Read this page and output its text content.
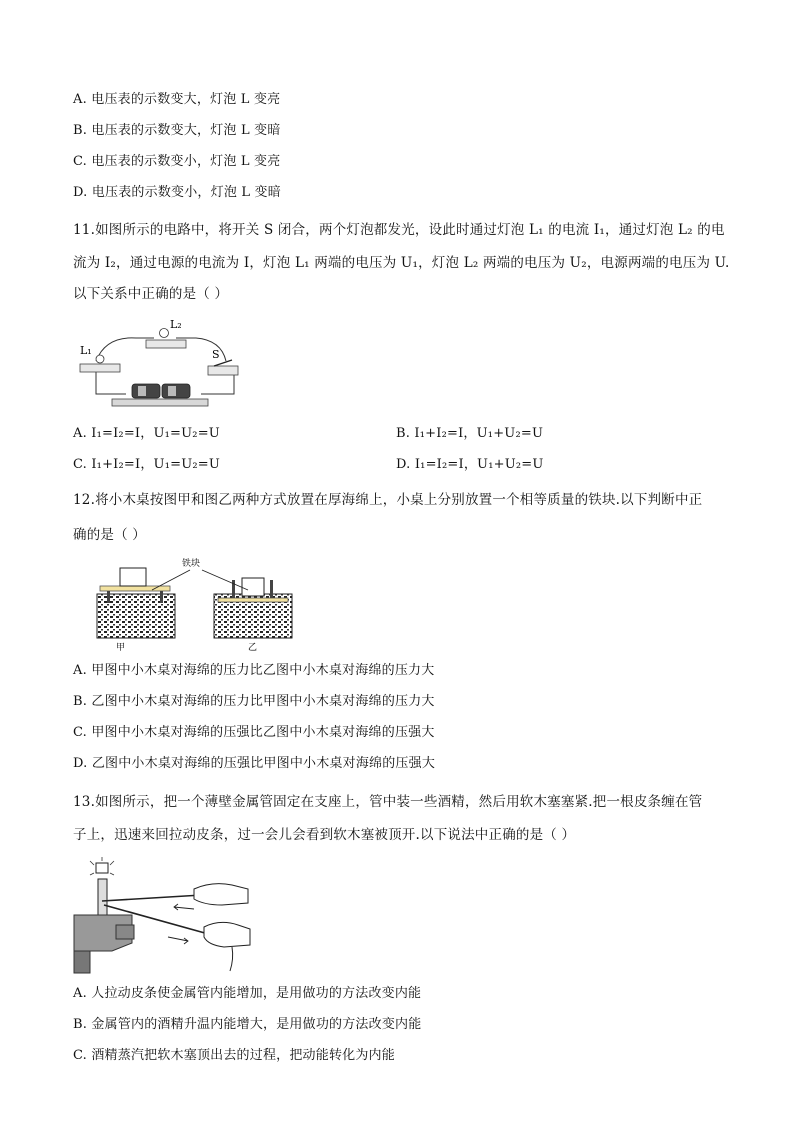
A. 电压表的示数变大，灯泡 L 变亮
B. 电压表的示数变大，灯泡 L 变暗
C. 电压表的示数变小，灯泡 L 变亮
D. 电压表的示数变小，灯泡 L 变暗
11.如图所示的电路中，将开关 S 闭合，两个灯泡都发光，设此时通过灯泡 L₁ 的电流 I₁，通过灯泡 L₂ 的电
流为 I₂，通过电源的电流为 I，灯泡 L₁ 两端的电压为 U₁，灯泡 L₂ 两端的电压为 U₂，电源两端的电压为 U.
以下关系中正确的是（ ）
L₁
L₂
S
A. I₁=I₂=I，U₁=U₂=U	B. I₁+I₂=I，U₁+U₂=U
C. I₁+I₂=I，U₁=U₂=U	D. I₁=I₂=I，U₁+U₂=U
12.将小木桌按图甲和图乙两种方式放置在厚海绵上，小桌上分别放置一个相等质量的铁块.以下判断中正
确的是（ ）
甲
铁块
乙
A. 甲图中小木桌对海绵的压力比乙图中小木桌对海绵的压力大
B. 乙图中小木桌对海绵的压力比甲图中小木桌对海绵的压力大
C. 甲图中小木桌对海绵的压强比乙图中小木桌对海绵的压强大
D. 乙图中小木桌对海绵的压强比甲图中小木桌对海绵的压强大
13.如图所示，把一个薄壁金属管固定在支座上，管中装一些酒精，然后用软木塞塞紧.把一根皮条缠在管
子上，迅速来回拉动皮条，过一会儿会看到软木塞被顶开.以下说法中正确的是（ ）
A. 人拉动皮条使金属管内能增加，是用做功的方法改变内能
B. 金属管内的酒精升温内能增大，是用做功的方法改变内能
C. 酒精蒸汽把软木塞顶出去的过程，把动能转化为内能
